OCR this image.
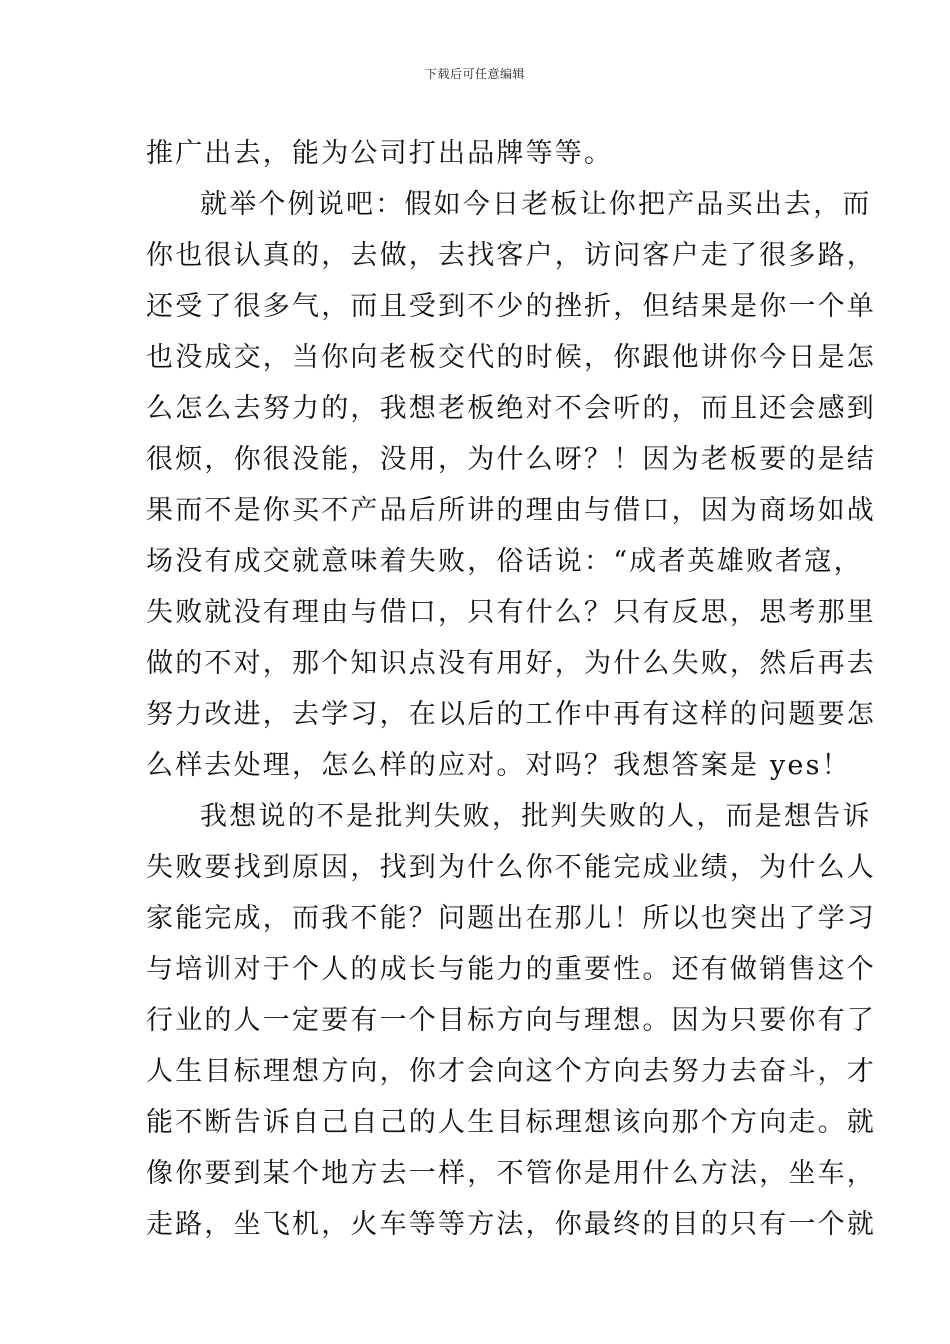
下载后可任意编辑
推广出去，能为公司打出品牌等等。
就举个例说吧：假如今日老板让你把产品买出去，而
你也很认真的，去做，去找客户，访问客户走了很多路，
还受了很多气，而且受到不少的挫折，但结果是你一个单
也没成交，当你向老板交代的时候，你跟他讲你今日是怎
么怎么去努力的，我想老板绝对不会听的，而且还会感到
很烦，你很没能，没用，为什么呀？！因为老板要的是结
果而不是你买不产品后所讲的理由与借口，因为商场如战
场没有成交就意味着失败，俗话说：“成者英雄败者寇，
失败就没有理由与借口，只有什么？只有反思，思考那里
做的不对，那个知识点没有用好，为什么失败，然后再去
努力改进，去学习，在以后的工作中再有这样的问题要怎
么样去处理，怎么样的应对。对吗？我想答案是 yes！
我想说的不是批判失败，批判失败的人，而是想告诉
失败要找到原因，找到为什么你不能完成业绩，为什么人
家能完成，而我不能？问题出在那儿！所以也突出了学习
与培训对于个人的成长与能力的重要性。还有做销售这个
行业的人一定要有一个目标方向与理想。因为只要你有了
人生目标理想方向，你才会向这个方向去努力去奋斗，才
能不断告诉自己自己的人生目标理想该向那个方向走。就
像你要到某个地方去一样，不管你是用什么方法，坐车，
走路，坐飞机，火车等等方法，你最终的目的只有一个就
